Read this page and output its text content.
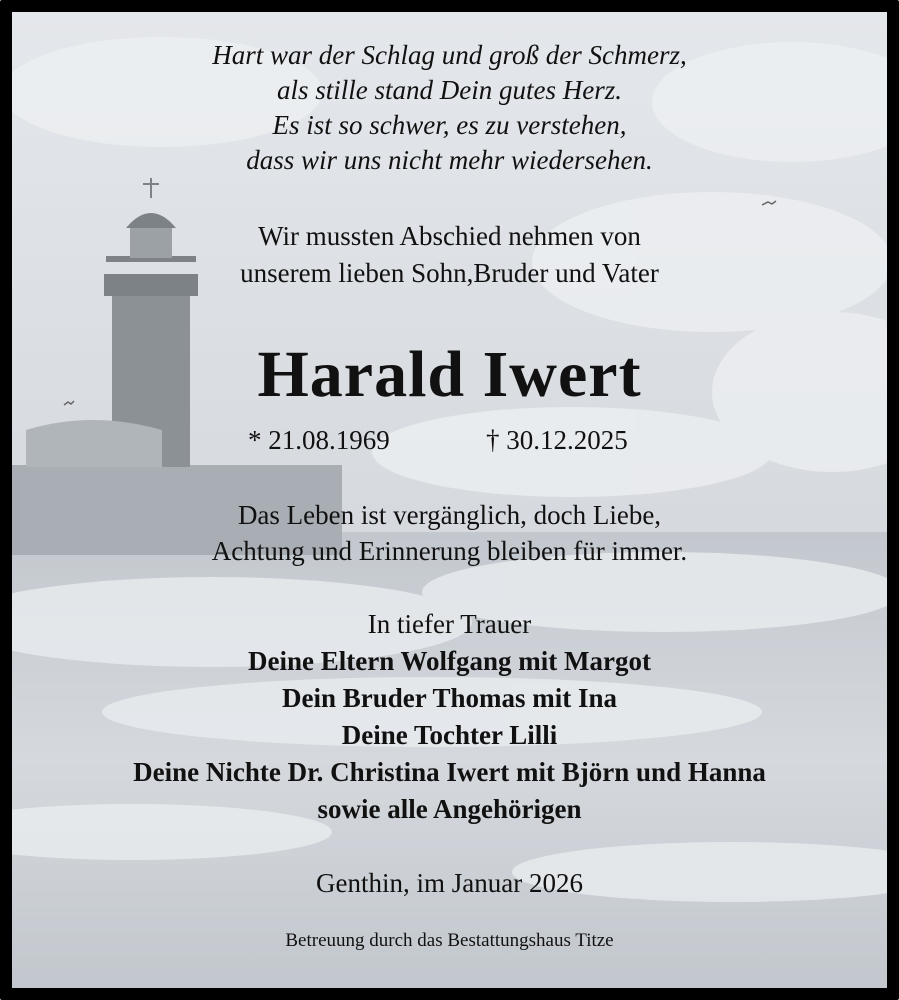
Hart war der Schlag und groß der Schmerz,
als stille stand Dein gutes Herz.
Es ist so schwer, es zu verstehen,
dass wir uns nicht mehr wiedersehen.
Wir mussten Abschied nehmen von
unserem lieben Sohn,Bruder und Vater
Harald Iwert
* 21.08.1969	† 30.12.2025
Das Leben ist vergänglich, doch Liebe,
Achtung und Erinnerung bleiben für immer.
In tiefer Trauer
Deine Eltern Wolfgang mit Margot
Dein Bruder Thomas mit Ina
Deine Tochter Lilli
Deine Nichte Dr. Christina Iwert mit Björn und Hanna
sowie alle Angehörigen
Genthin, im Januar 2026
Betreuung durch das Bestattungshaus Titze
